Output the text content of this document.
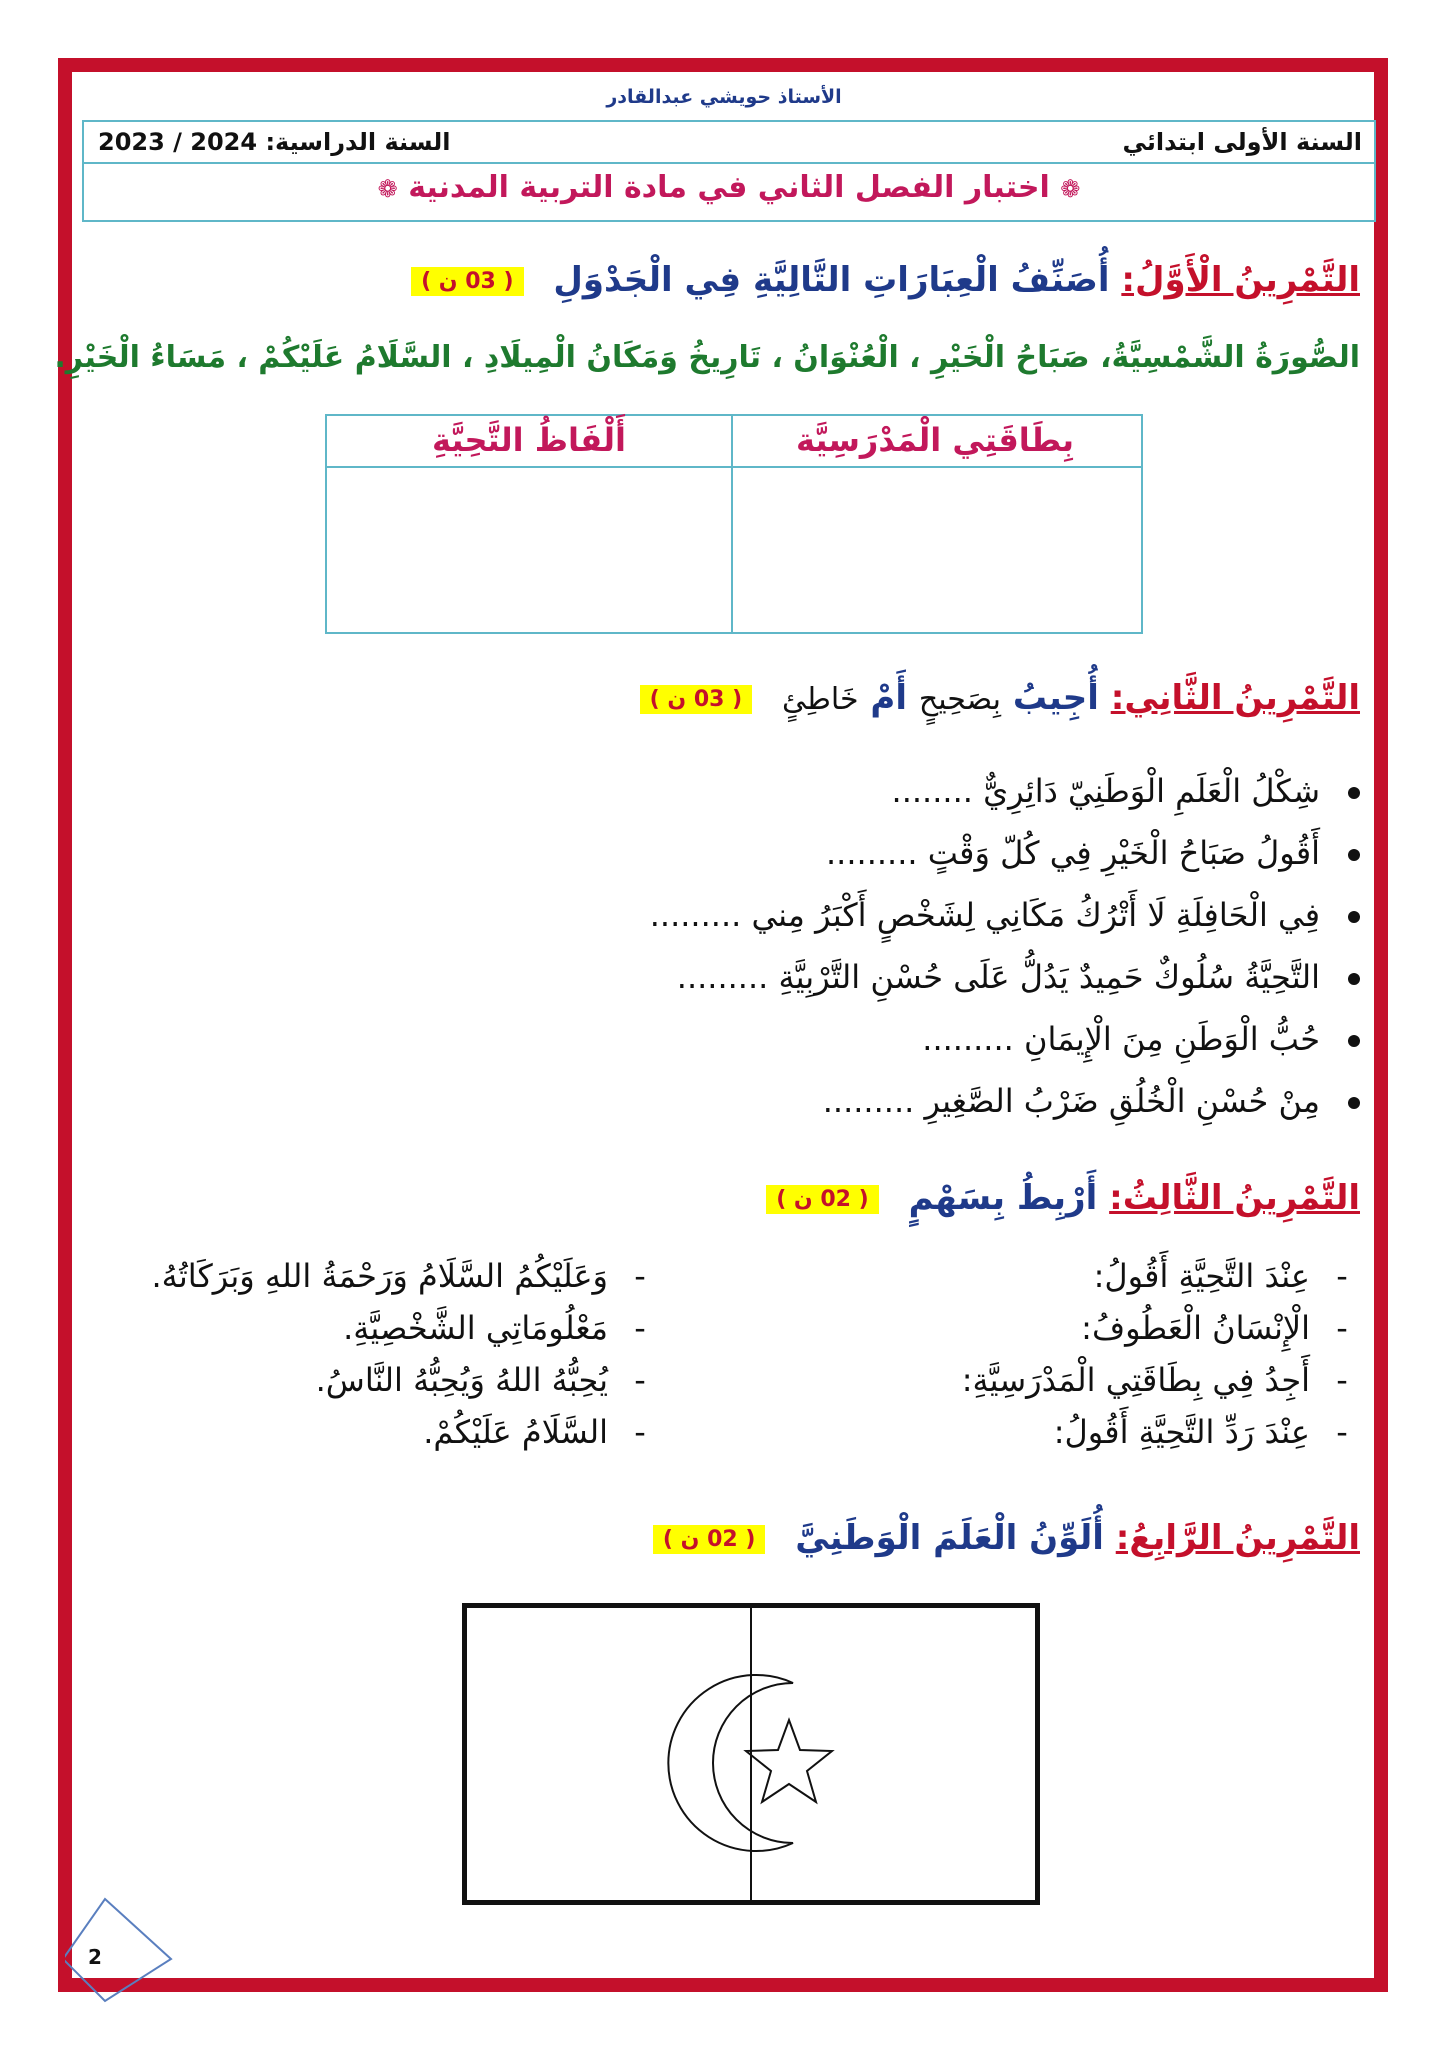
الأستاذ حويشي عبدالقادر
السنة الأولى ابتدائي
السنة الدراسية: 2023 / 2024
❁ اختبار الفصل الثاني في مادة التربية المدنية ❁
التَّمْرِينُ الْأَوَّلُ: أُصَنِّفُ الْعِبَارَاتِ التَّالِيَّةِ فِي الْجَدْوَلِ ( 03 ن )
الصُّورَةُ الشَّمْسِيَّةُ، صَبَاحُ الْخَيْرِ ، الْعُنْوَانُ ، تَارِيخُ وَمَكَانُ الْمِيلَادِ ، السَّلَامُ عَلَيْكُمْ ، مَسَاءُ الْخَيْرِ.
بِطَاقَتِي الْمَدْرَسِيَّة
أَلْفَاظُ التَّحِيَّةِ
التَّمْرِينُ الثَّانِي: أُجِيبُ بِصَحِيحٍ أَمْ خَاطِئٍ ( 03 ن )
شِكْلُ الْعَلَمِ الْوَطَنِيّ دَائِرِيٌّ ........
أَقُولُ صَبَاحُ الْخَيْرِ فِي كُلّ وَقْتٍ .........
فِي الْحَافِلَةِ لَا أَتْرُكُ مَكَانِي لِشَخْصٍ أَكْبَرُ مِني .........
التَّحِيَّةُ سُلُوكٌ حَمِيدٌ يَدُلُّ عَلَى حُسْنِ التَّرْبِيَّةِ .........
حُبُّ الْوَطَنِ مِنَ الْإِيمَانِ .........
مِنْ حُسْنِ الْخُلُقِ ضَرْبُ الصَّغِيرِ .........
التَّمْرِينُ الثَّالِثُ: أَرْبِطُ بِسَهْمٍ ( 02 ن )
-عِنْدَ التَّحِيَّةِ أَقُولُ:
-الْإِنْسَانُ الْعَطُوفُ:
-أَجِدُ فِي بِطَاقَتِي الْمَدْرَسِيَّةِ:
-عِنْدَ رَدِّ التَّحِيَّةِ أَقُولُ:
-وَعَلَيْكُمُ السَّلَامُ وَرَحْمَةُ اللهِ وَبَرَكَاتُهُ.
-مَعْلُومَاتِي الشَّخْصِيَّةِ.
-يُحِبُّهُ اللهُ وَيُحِبُّهُ النَّاسُ.
-السَّلَامُ عَلَيْكُمْ.
التَّمْرِينُ الرَّابِعُ: أُلَوِّنُ الْعَلَمَ الْوَطَنِيَّ ( 02 ن )
2
